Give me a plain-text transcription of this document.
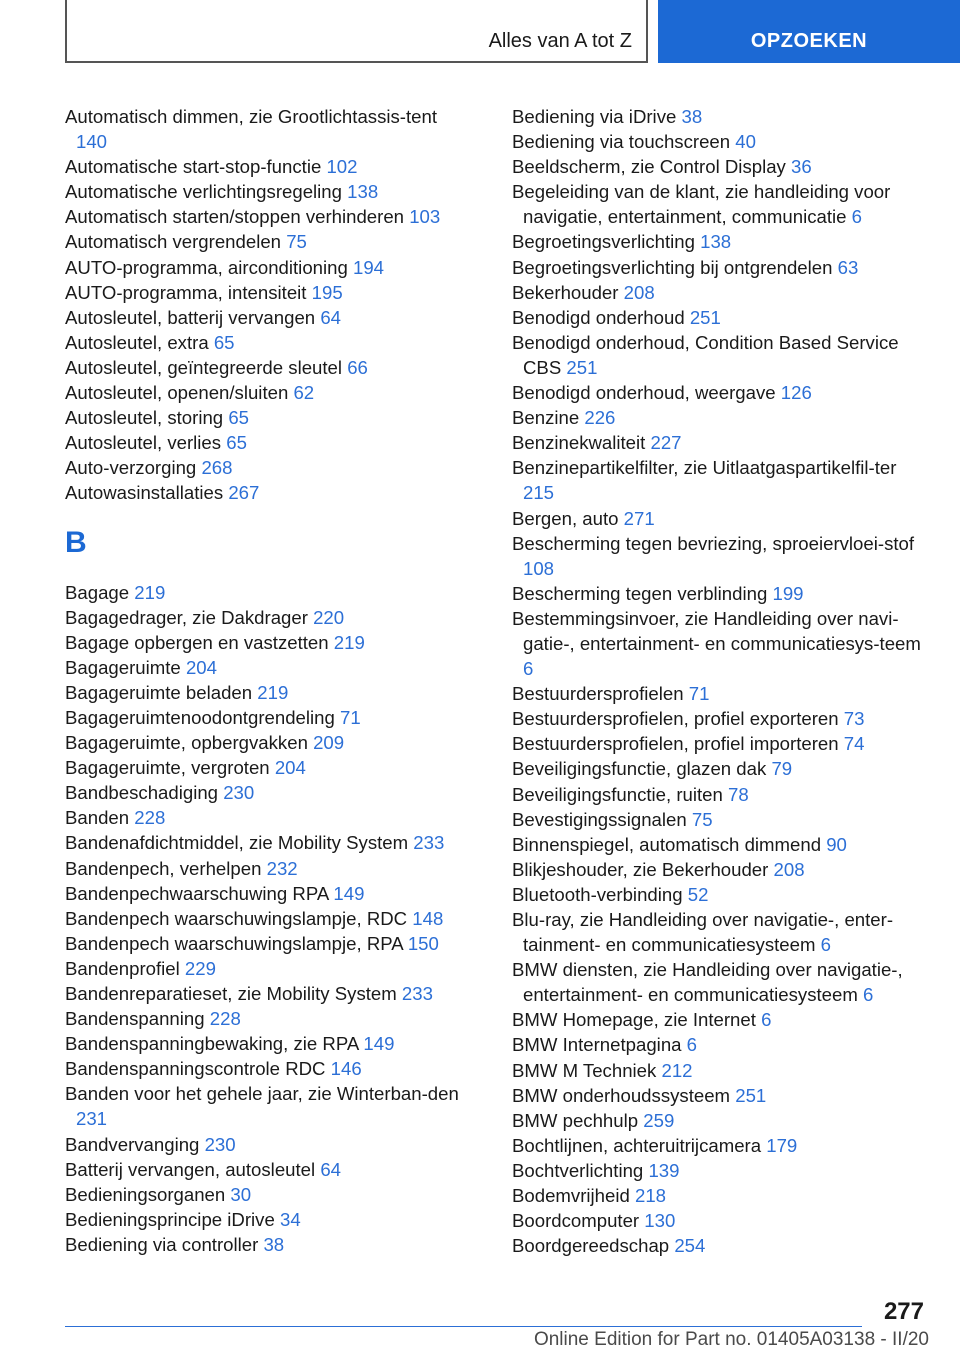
Alles van A tot Z	OPZOEKEN
Automatisch dimmen, zie Grootlichtassis-tent 140
Automatische start-stop-functie 102
Automatische verlichtingsregeling 138
Automatisch starten/stoppen verhinderen 103
Automatisch vergrendelen 75
AUTO-programma, airconditioning 194
AUTO-programma, intensiteit 195
Autosleutel, batterij vervangen 64
Autosleutel, extra 65
Autosleutel, geïntegreerde sleutel 66
Autosleutel, openen/sluiten 62
Autosleutel, storing 65
Autosleutel, verlies 65
Auto-verzorging 268
Autowasinstallaties 267
B
Bagage 219
Bagagedrager, zie Dakdrager 220
Bagage opbergen en vastzetten 219
Bagageruimte 204
Bagageruimte beladen 219
Bagageruimtenoodontgrendeling 71
Bagageruimte, opbergvakken 209
Bagageruimte, vergroten 204
Bandbeschadiging 230
Banden 228
Bandenafdichtmiddel, zie Mobility System 233
Bandenpech, verhelpen 232
Bandenpechwaarschuwing RPA 149
Bandenpech waarschuwingslampje, RDC 148
Bandenpech waarschuwingslampje, RPA 150
Bandenprofiel 229
Bandenreparatieset, zie Mobility System 233
Bandenspanning 228
Bandenspanningbewaking, zie RPA 149
Bandenspanningscontrole RDC 146
Banden voor het gehele jaar, zie Winterban-den 231
Bandvervanging 230
Batterij vervangen, autosleutel 64
Bedieningsorganen 30
Bedieningsprincipe iDrive 34
Bediening via controller 38
Bediening via iDrive 38
Bediening via touchscreen 40
Beeldscherm, zie Control Display 36
Begeleiding van de klant, zie handleiding voor navigatie, entertainment, communicatie 6
Begroetingsverlichting 138
Begroetingsverlichting bij ontgrendelen 63
Bekerhouder 208
Benodigd onderhoud 251
Benodigd onderhoud, Condition Based Service CBS 251
Benodigd onderhoud, weergave 126
Benzine 226
Benzinekwaliteit 227
Benzinepartikelfilter, zie Uitlaatgaspartikelfil-ter 215
Bergen, auto 271
Bescherming tegen bevriezing, sproeiervloei-stof 108
Bescherming tegen verblinding 199
Bestemmingsinvoer, zie Handleiding over navi-gatie-, entertainment- en communicatiesys-teem 6
Bestuurdersprofielen 71
Bestuurdersprofielen, profiel exporteren 73
Bestuurdersprofielen, profiel importeren 74
Beveiligingsfunctie, glazen dak 79
Beveiligingsfunctie, ruiten 78
Bevestigingssignalen 75
Binnenspiegel, automatisch dimmend 90
Blikjeshouder, zie Bekerhouder 208
Bluetooth-verbinding 52
Blu-ray, zie Handleiding over navigatie-, enter-tainment- en communicatiesysteem 6
BMW diensten, zie Handleiding over navigatie-, entertainment- en communicatiesysteem 6
BMW Homepage, zie Internet 6
BMW Internetpagina 6
BMW M Techniek 212
BMW onderhoudssysteem 251
BMW pechhulp 259
Bochtlijnen, achteruitrijcamera 179
Bochtverlichting 139
Bodemvrijheid 218
Boordcomputer 130
Boordgereedschap 254
277
Online Edition for Part no. 01405A03138 - II/20
